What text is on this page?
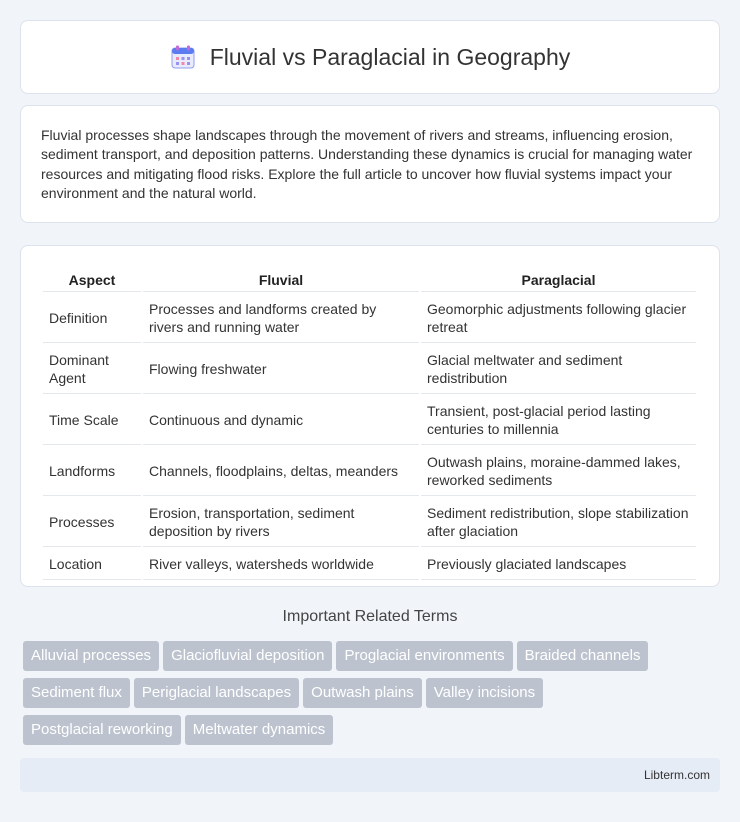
Fluvial vs Paraglacial in Geography

Fluvial processes shape landscapes through the movement of rivers and streams, influencing erosion, sediment transport, and deposition patterns. Understanding these dynamics is crucial for managing water resources and mitigating flood risks. Explore the full article to uncover how fluvial systems impact your environment and the natural world.

Aspect	Fluvial	Paraglacial
Definition	Processes and landforms created by rivers and running water	Geomorphic adjustments following glacier retreat
Dominant Agent	Flowing freshwater	Glacial meltwater and sediment redistribution
Time Scale	Continuous and dynamic	Transient, post-glacial period lasting centuries to millennia
Landforms	Channels, floodplains, deltas, meanders	Outwash plains, moraine-dammed lakes, reworked sediments
Processes	Erosion, transportation, sediment deposition by rivers	Sediment redistribution, slope stabilization after glaciation
Location	River valleys, watersheds worldwide	Previously glaciated landscapes
Important Related Terms
Alluvial processes Glaciofluvial deposition Proglacial environments Braided channels
Sediment flux Periglacial landscapes Outwash plains Valley incisions
Postglacial reworking Meltwater dynamics
Libterm.com
